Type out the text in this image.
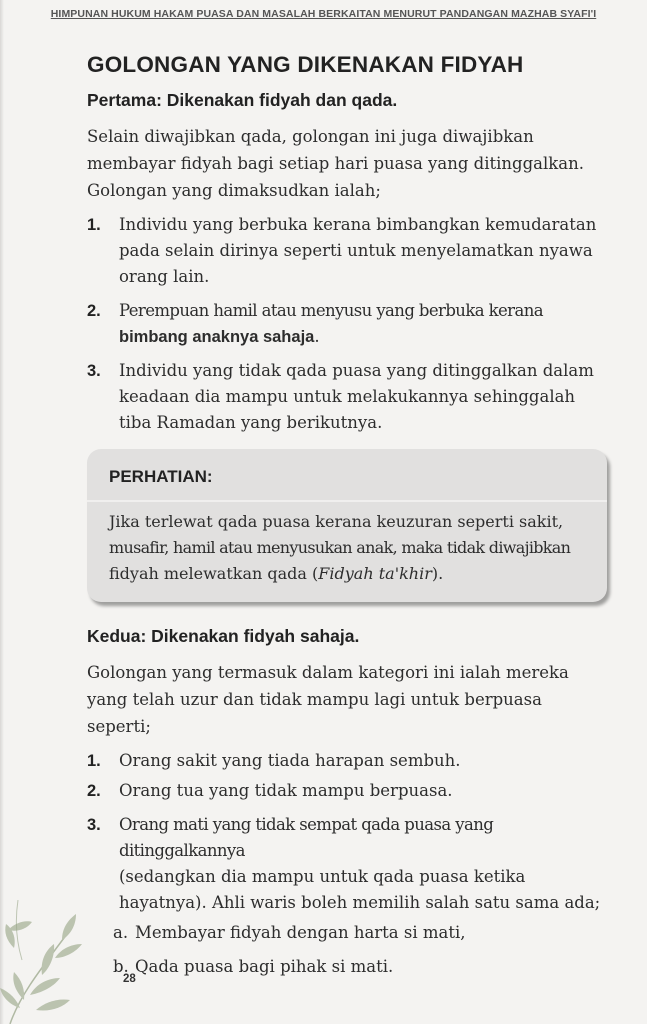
HIMPUNAN HUKUM HAKAM PUASA DAN MASALAH BERKAITAN MENURUT PANDANGAN MAZHAB SYAFI'I
GOLONGAN YANG DIKENAKAN FIDYAH
Pertama: Dikenakan fidyah dan qada.

Selain diwajibkan qada, golongan ini juga diwajibkan membayar fidyah bagi setiap hari puasa yang ditinggalkan. Golongan yang dimaksudkan ialah;

1. Individu yang berbuka kerana bimbangkan kemudaratan pada selain dirinya seperti untuk menyelamatkan nyawa orang lain.
2. Perempuan hamil atau menyusu yang berbuka kerana bimbang anaknya sahaja.
3. Individu yang tidak qada puasa yang ditinggalkan dalam keadaan dia mampu untuk melakukannya sehinggalah tiba Ramadan yang berikutnya.
PERHATIAN:
Jika terlewat qada puasa kerana keuzuran seperti sakit,
musafir, hamil atau menyusukan anak, maka tidak diwajibkan
fidyah melewatkan qada (Fidyah ta'khir).
Kedua: Dikenakan fidyah sahaja.

Golongan yang termasuk dalam kategori ini ialah mereka yang telah uzur dan tidak mampu lagi untuk berpuasa seperti;

1. Orang sakit yang tiada harapan sembuh.
2. Orang tua yang tidak mampu berpuasa.
3. Orang mati yang tidak sempat qada puasa yang ditinggalkannya
(sedangkan dia mampu untuk qada puasa ketika hayatnya). Ahli waris boleh memilih salah satu sama ada;
a. Membayar fidyah dengan harta si mati,
b. Qada puasa bagi pihak si mati.
28
